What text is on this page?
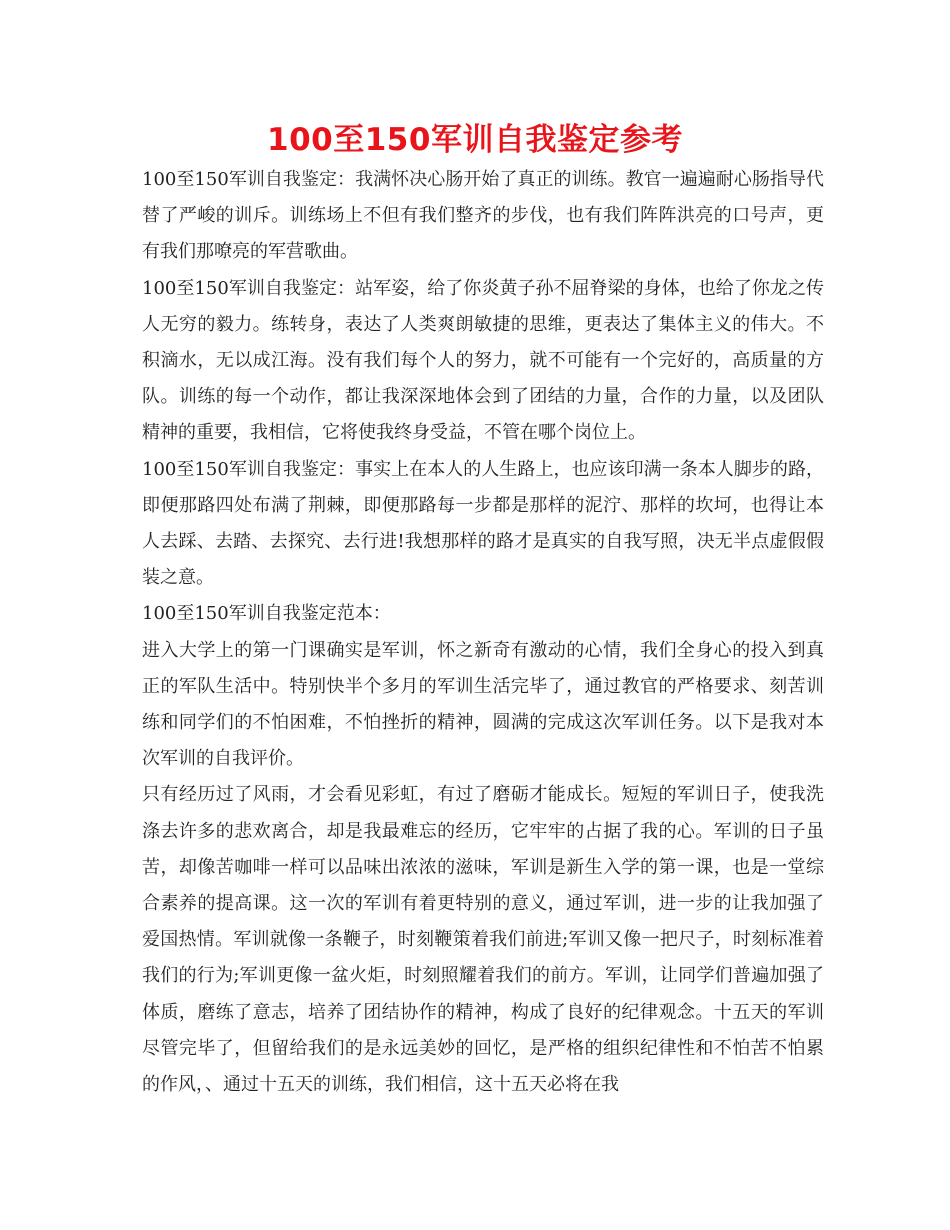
100至150军训自我鉴定参考

100至150军训自我鉴定：我满怀决心肠开始了真正的训练。教官一遍遍耐心肠指导代替了严峻的训斥。训练场上不但有我们整齐的步伐，也有我们阵阵洪亮的口号声，更有我们那嘹亮的军营歌曲。

100至150军训自我鉴定：站军姿，给了你炎黄子孙不屈脊梁的身体，也给了你龙之传人无穷的毅力。练转身，表达了人类爽朗敏捷的思维，更表达了集体主义的伟大。不积滴水，无以成江海。没有我们每个人的努力，就不可能有一个完好的，高质量的方队。训练的每一个动作，都让我深深地体会到了团结的力量，合作的力量，以及团队精神的重要，我相信，它将使我终身受益，不管在哪个岗位上。

100至150军训自我鉴定：事实上在本人的人生路上，也应该印满一条本人脚步的路，即便那路四处布满了荆棘，即便那路每一步都是那样的泥泞、那样的坎坷，也得让本人去踩、去踏、去探究、去行进!我想那样的路才是真实的自我写照，决无半点虚假假装之意。

100至150军训自我鉴定范本：

进入大学上的第一门课确实是军训，怀之新奇有激动的心情，我们全身心的投入到真正的军队生活中。特别快半个多月的军训生活完毕了，通过教官的严格要求、刻苦训练和同学们的不怕困难，不怕挫折的精神，圆满的完成这次军训任务。以下是我对本次军训的自我评价。

只有经历过了风雨，才会看见彩虹，有过了磨砺才能成长。短短的军训日子，使我洗涤去许多的悲欢离合，却是我最难忘的经历，它牢牢的占据了我的心。军训的日子虽苦，却像苦咖啡一样可以品味出浓浓的滋味，军训是新生入学的第一课，也是一堂综合素养的提高课。这一次的军训有着更特别的意义，通过军训，进一步的让我加强了爱国热情。军训就像一条鞭子，时刻鞭策着我们前进;军训又像一把尺子，时刻标准着我们的行为;军训更像一盆火炬，时刻照耀着我们的前方。军训，让同学们普遍加强了体质，磨练了意志，培养了团结协作的精神，构成了良好的纪律观念。十五天的军训尽管完毕了，但留给我们的是永远美妙的回忆，是严格的组织纪律性和不怕苦不怕累的作风，、通过十五天的训练，我们相信，这十五天必将在我
